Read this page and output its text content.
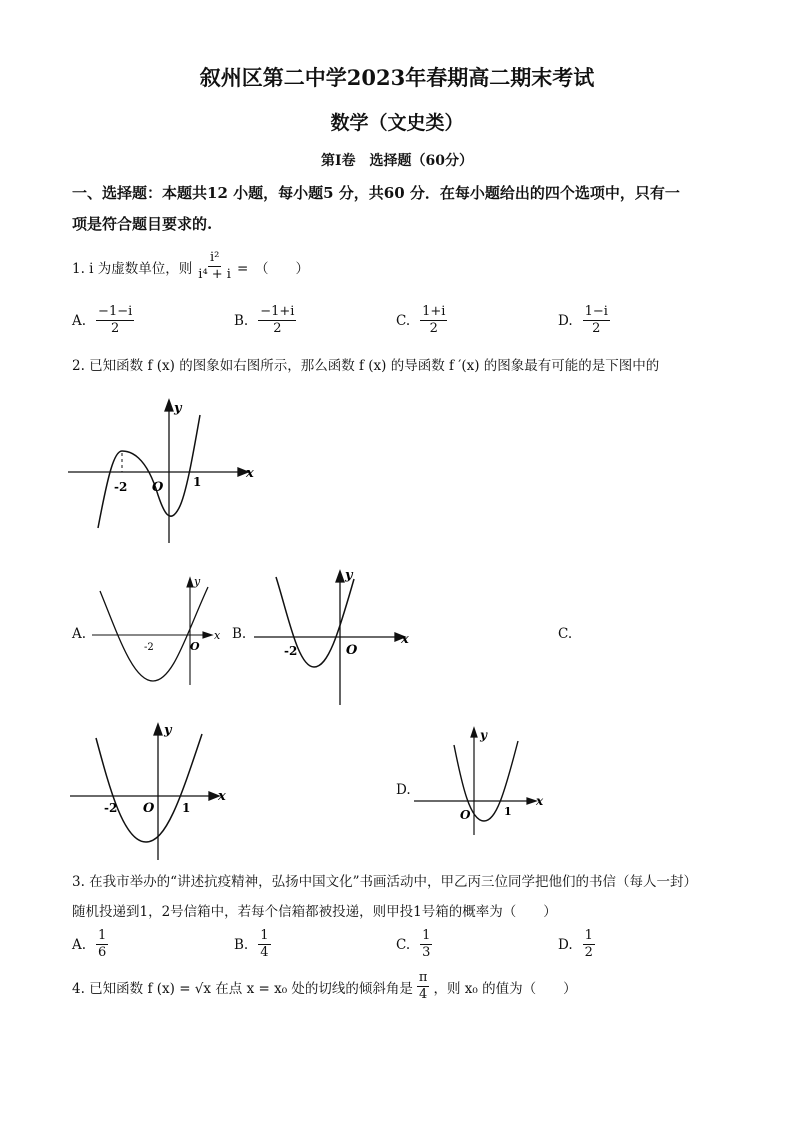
叙州区第二中学2023年春期高二期末考试
数学（文史类）
第I卷　选择题（60分）
一、选择题：本题共12 小题，每小题5 分，共60 分．在每小题给出的四个选项中，只有一
项是符合题目要求的.
1. i 为虚数单位，则 $\frac{\text{i²}}{\text{i⁴ + i}}$ =　（　　）
A. $\frac{-1-i}{2}$	B. $\frac{-1+i}{2}$	C. $\frac{1+i}{2}$	D. $\frac{1-i}{2}$
2. 已知函数 f (x) 的图象如右图所示，那么函数 f (x) 的导函数 f ′(x) 的图象最有可能的是下图中的
x
y
O
-2	1
A.	x
y
O
-2
B.	x
y
O
-2
C.
x
y
O
-2	1
D.
x
y
O	1
3. 在我市举办的“讲述抗疫精神，弘扬中国文化”书画活动中，甲乙丙三位同学把他们的书信（每人一封）
随机投递到1，2号信箱中，若每个信箱都被投递，则甲投1号箱的概率为（　　）
A. $\frac{1}{6}$	B. $\frac{1}{4}$	C. $\frac{1}{3}$	D. $\frac{1}{2}$
4. 已知函数 f (x) = √x 在点 x = x₀ 处的切线的倾斜角是 $\frac{\pi}{4}$ ，则 x₀ 的值为（　　）
